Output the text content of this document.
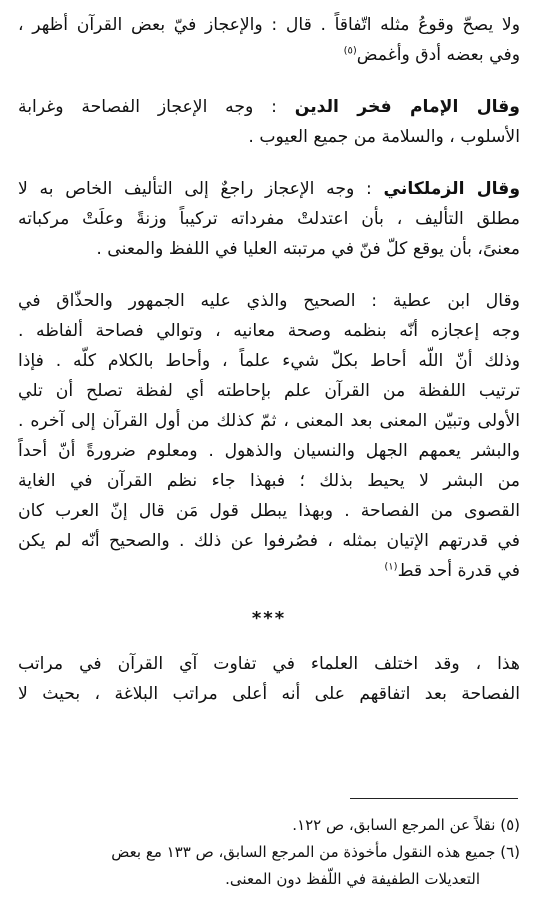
ولا يصحّ وقوعُ مثله اتّفاقاً . قال : والإعجاز فيّ بعض القرآن أظهر ،
وفي بعضه أدق وأغمض$^{(٥)}$
وقال الإمام فخر الدين : وجه الإعجاز الفصاحة وغرابة
الأسلوب ، والسلامة من جميع العيوب .
وقال الزملكاني : وجه الإعجاز راجعٌ إلى التأليف الخاص به لا
مطلق التأليف ، بأن اعتدلتْ مفرداته تركيباً وزنةً وعلَتْ مركباته
معنىً، بأن يوقع كلّ فنّ في مرتبته العليا في اللفظ والمعنى .
وقال ابن عطية : الصحيح والذي عليه الجمهور والحذّاق في
وجه إعجازه أنّه بنظمه وصحة معانيه ، وتوالي فصاحة ألفاظه .
وذلك أنّ اللّه أحاط بكلّ شيء علماً ، وأحاط بالكلام كلّه . فإذا
ترتيب اللفظة من القرآن علم بإحاطته أي لفظة تصلح أن تلي
الأولى وتبيّن المعنى بعد المعنى ، ثمّ كذلك من أول القرآن إلى آخره .
والبشر يعمهم الجهل والنسيان والذهول . ومعلوم ضرورةً أنّ أحداً
من البشر لا يحيط بذلك ؛ فبهذا جاء نظم القرآن في الغاية
القصوى من الفصاحة . وبهذا يبطل قول مَن قال إنّ العرب كان
في قدرتهم الإتيان بمثله ، فصُرفوا عن ذلك . والصحيح أنّه لم يكن
في قدرة أحد قط$^{(١)}$
***
هذا ، وقد اختلف العلماء في تفاوت آي القرآن في مراتب
الفصاحة بعد اتفاقهم على أنه أعلى مراتب البلاغة ، بحيث لا
(٥) نقلاً عن المرجع السابق، ص ١٢٢.
(٦) جميع هذه النقول مأخوذة من المرجع السابق، ص ١٣٣ مع بعض
التعديلات الطفيفة في اللّفظ دون المعنى.
